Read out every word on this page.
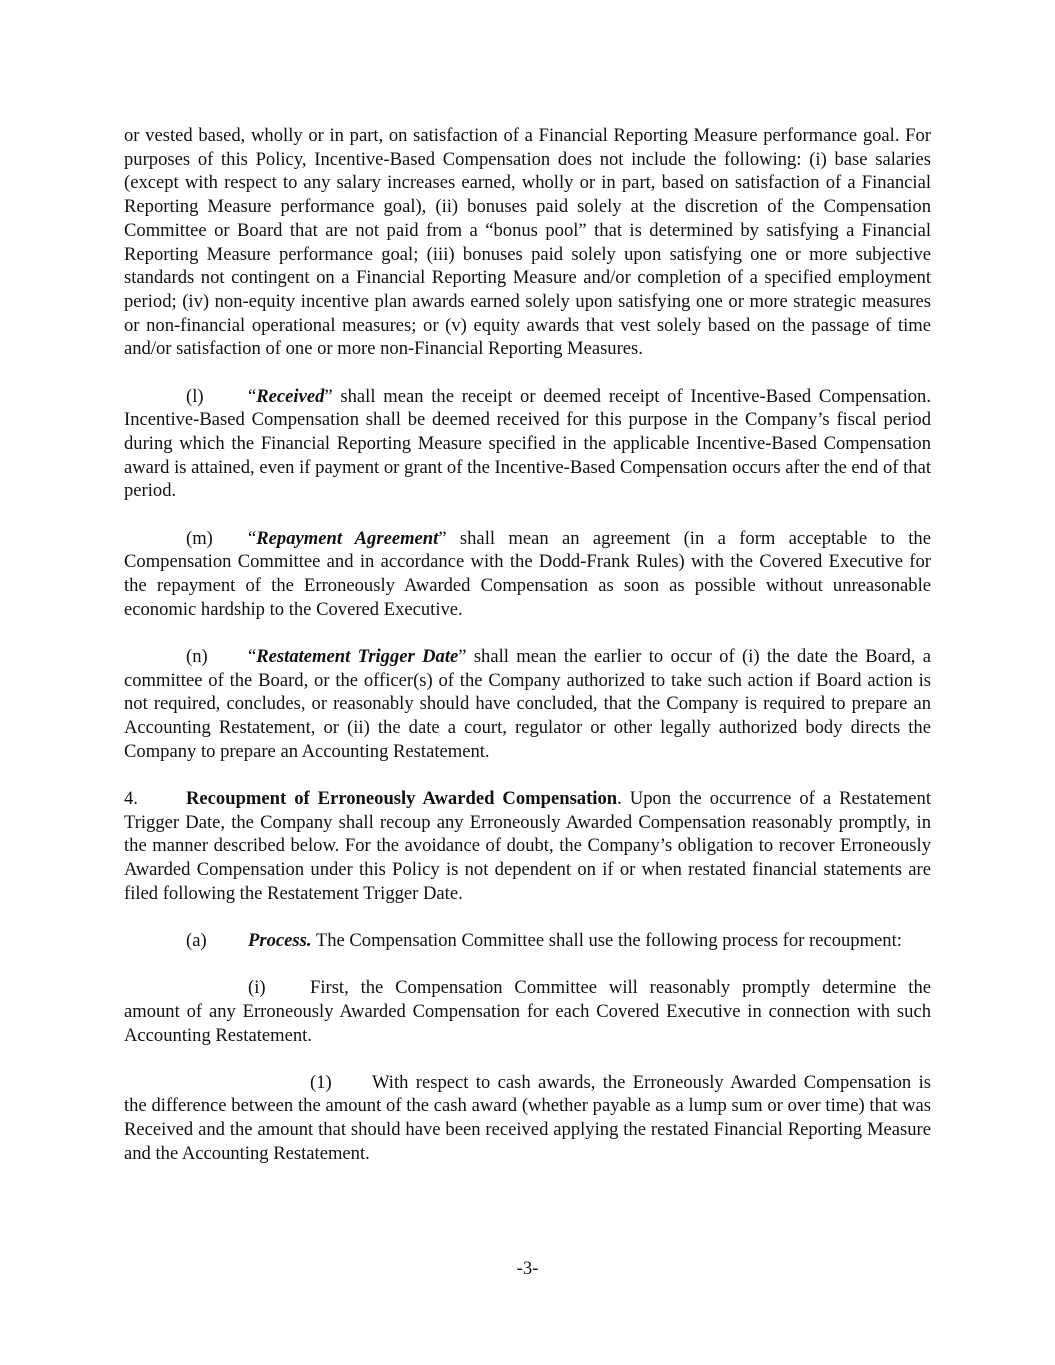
or vested based, wholly or in part, on satisfaction of a Financial Reporting Measure performance goal. For purposes of this Policy, Incentive-Based Compensation does not include the following: (i) base salaries (except with respect to any salary increases earned, wholly or in part, based on satisfaction of a Financial Reporting Measure performance goal), (ii) bonuses paid solely at the discretion of the Compensation Committee or Board that are not paid from a “bonus pool” that is determined by satisfying a Financial Reporting Measure performance goal; (iii) bonuses paid solely upon satisfying one or more subjective standards not contingent on a Financial Reporting Measure and/or completion of a specified employment period; (iv) non-equity incentive plan awards earned solely upon satisfying one or more strategic measures or non-financial operational measures; or (v) equity awards that vest solely based on the passage of time and/or satisfaction of one or more non-Financial Reporting Measures.

(l) “Received” shall mean the receipt or deemed receipt of Incentive-Based Compensation. Incentive-Based Compensation shall be deemed received for this purpose in the Company’s fiscal period during which the Financial Reporting Measure specified in the applicable Incentive-Based Compensation award is attained, even if payment or grant of the Incentive-Based Compensation occurs after the end of that period.

(m) “Repayment Agreement” shall mean an agreement (in a form acceptable to the Compensation Committee and in accordance with the Dodd-Frank Rules) with the Covered Executive for the repayment of the Erroneously Awarded Compensation as soon as possible without unreasonable economic hardship to the Covered Executive.

(n) “Restatement Trigger Date” shall mean the earlier to occur of (i) the date the Board, a committee of the Board, or the officer(s) of the Company authorized to take such action if Board action is not required, concludes, or reasonably should have concluded, that the Company is required to prepare an Accounting Restatement, or (ii) the date a court, regulator or other legally authorized body directs the Company to prepare an Accounting Restatement.

4.	Recoupment of Erroneously Awarded Compensation. Upon the occurrence of a Restatement Trigger Date, the Company shall recoup any Erroneously Awarded Compensation reasonably promptly, in the manner described below. For the avoidance of doubt, the Company’s obligation to recover Erroneously Awarded Compensation under this Policy is not dependent on if or when restated financial statements are filed following the Restatement Trigger Date.

(a) Process. The Compensation Committee shall use the following process for recoupment:

(i) First, the Compensation Committee will reasonably promptly determine the amount of any Erroneously Awarded Compensation for each Covered Executive in connection with such Accounting Restatement.

(1) With respect to cash awards, the Erroneously Awarded Compensation is the difference between the amount of the cash award (whether payable as a lump sum or over time) that was Received and the amount that should have been received applying the restated Financial Reporting Measure and the Accounting Restatement.

-3-
